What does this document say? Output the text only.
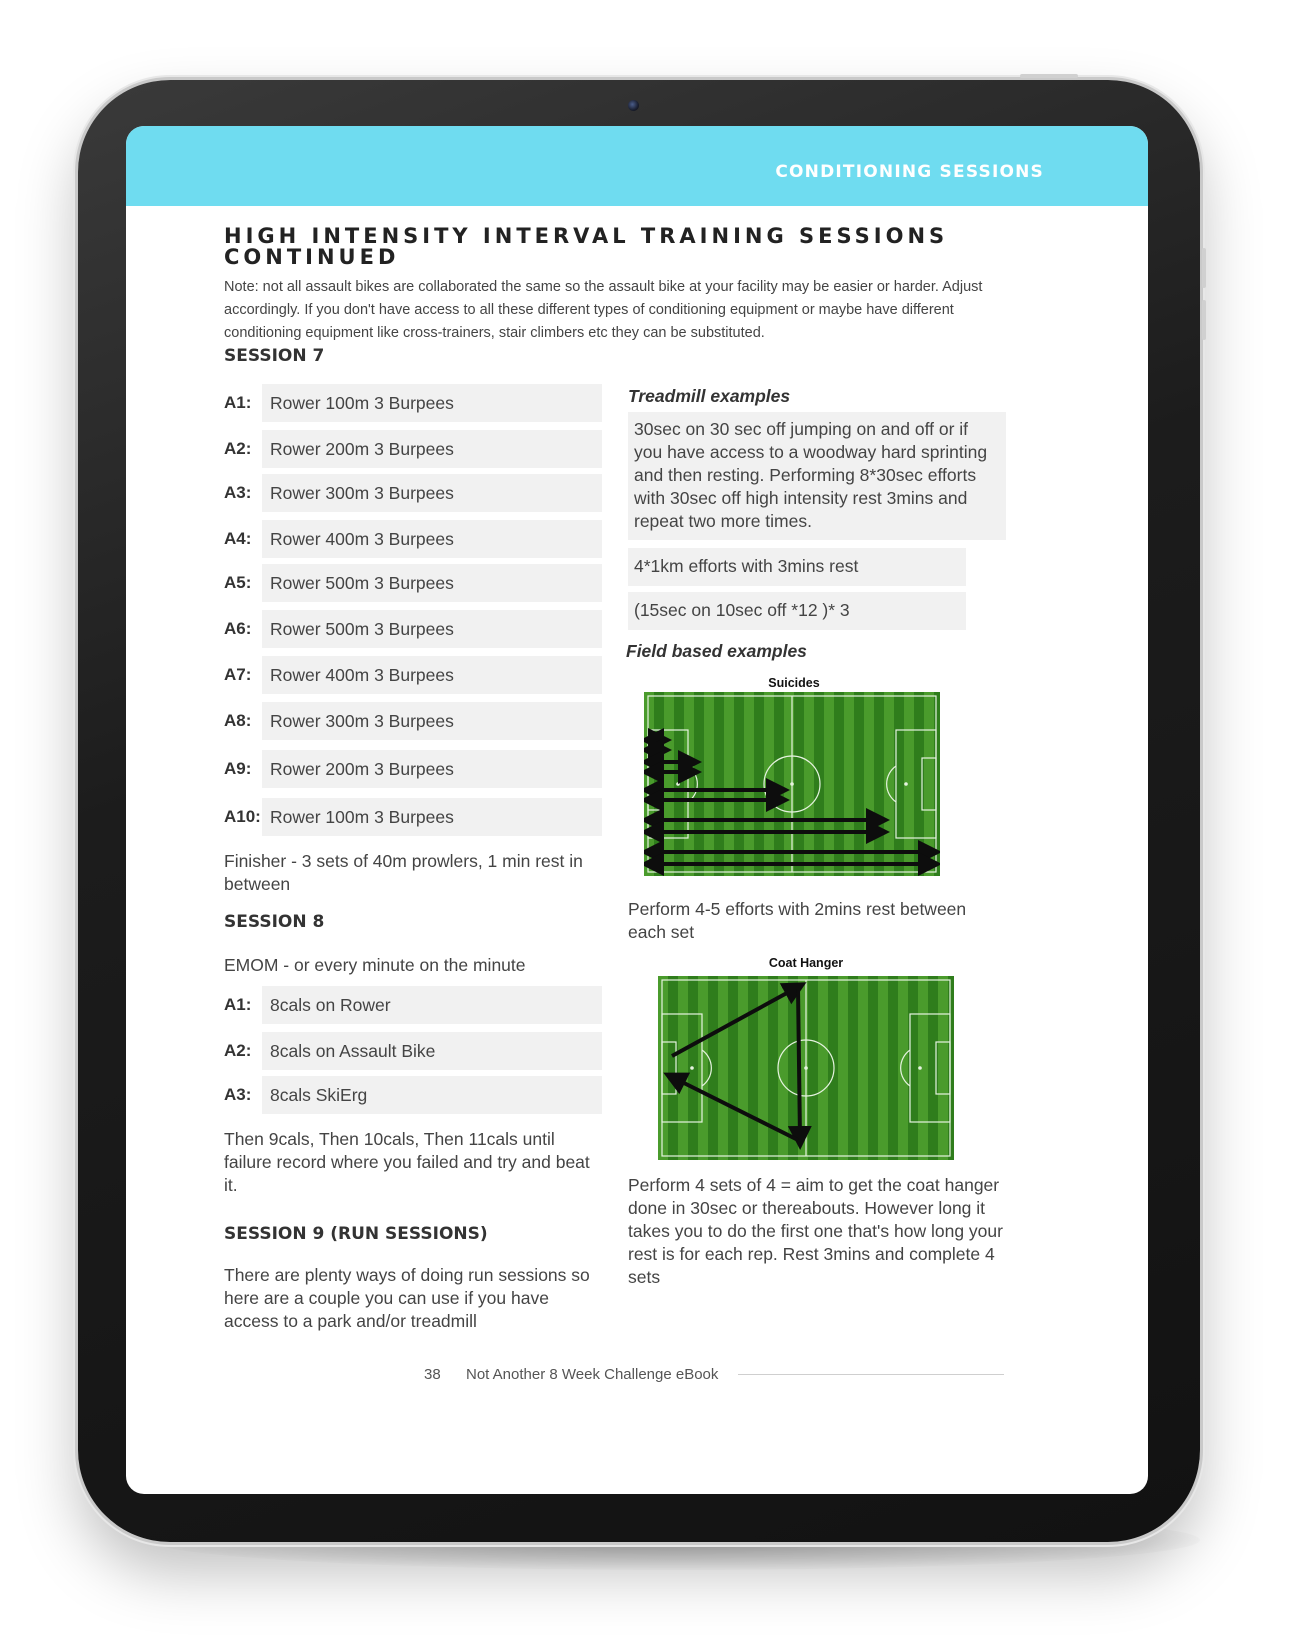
CONDITIONING SESSIONS
HIGH INTENSITY INTERVAL TRAINING SESSIONS
CONTINUED
Note: not all assault bikes are collaborated the same so the assault bike at your facility may be easier or harder. Adjust accordingly. If you don't have access to all these different types of conditioning equipment or maybe have different conditioning equipment like cross-trainers, stair climbers etc they can be substituted.
SESSION 7
A1: Rower 100m 3 Burpees
A2: Rower 200m 3 Burpees
A3: Rower 300m 3 Burpees
A4: Rower 400m 3 Burpees
A5: Rower 500m 3 Burpees
A6: Rower 500m 3 Burpees
A7: Rower 400m 3 Burpees
A8: Rower 300m 3 Burpees
A9: Rower 200m 3 Burpees
A10: Rower 100m 3 Burpees
Finisher - 3 sets of 40m prowlers, 1 min rest in between
SESSION 8
EMOM - or every minute on the minute
A1: 8cals on Rower
A2: 8cals on Assault Bike
A3: 8cals SkiErg
Then 9cals, Then 10cals, Then 11cals until failure record where you failed and try and beat it.
SESSION 9 (RUN SESSIONS)
There are plenty ways of doing run sessions so here are a couple you can use if you have access to a park and/or treadmill
Treadmill examples
30sec on 30 sec off jumping on and off or if you have access to a woodway hard sprinting and then resting. Performing 8*30sec efforts with 30sec off high intensity rest 3mins and repeat two more times.
4*1km efforts with 3mins rest
(15sec on 10sec off *12 )* 3
Field based examples
Suicides
Perform 4-5 efforts with 2mins rest between each set
Coat Hanger
Perform 4 sets of 4 = aim to get the coat hanger done in 30sec or thereabouts. However long it takes you to do the first one that's how long your rest is for each rep. Rest 3mins and complete 4 sets
38 Not Another 8 Week Challenge eBook
